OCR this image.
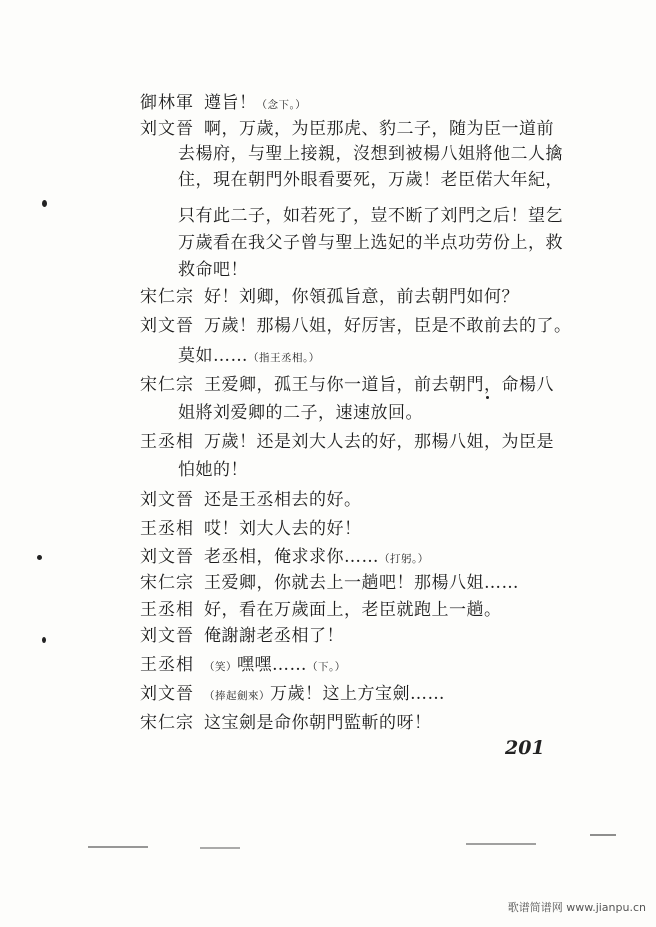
御林軍 遵旨！（念下。）
刘文晉 啊，万歲，为臣那虎、豹二子，随为臣一道前
去楊府，与聖上接親，沒想到被楊八姐將他二人擒
住，現在朝門外眼看要死，万歲！老臣偌大年紀，
只有此二子，如若死了，豈不断了刘門之后！望乞
万歲看在我父子曾与聖上选妃的半点功劳份上，救
救命吧！
宋仁宗 好！刘卿，你領孤旨意，前去朝門如何？
刘文晉 万歲！那楊八姐，好厉害，臣是不敢前去的了。
莫如……（指王丞相。）
宋仁宗 王爱卿，孤王与你一道旨，前去朝門，命楊八
姐將刘爱卿的二子，速速放回。
王丞相 万歲！还是刘大人去的好，那楊八姐，为臣是
怕她的！
刘文晉 还是王丞相去的好。
王丞相 哎！刘大人去的好！
刘文晉 老丞相，俺求求你……（打躬。）
宋仁宗 王爱卿，你就去上一趟吧！那楊八姐……
王丞相 好，看在万歲面上，老臣就跑上一趟。
刘文晉 俺謝謝老丞相了！
王丞相 （笑）嘿嘿……（下。）
刘文晉 （捧起劍來）万歲！这上方宝劍……
宋仁宗 这宝劍是命你朝門監斬的呀！
201
歌谱简谱网 www.jianpu.cn
